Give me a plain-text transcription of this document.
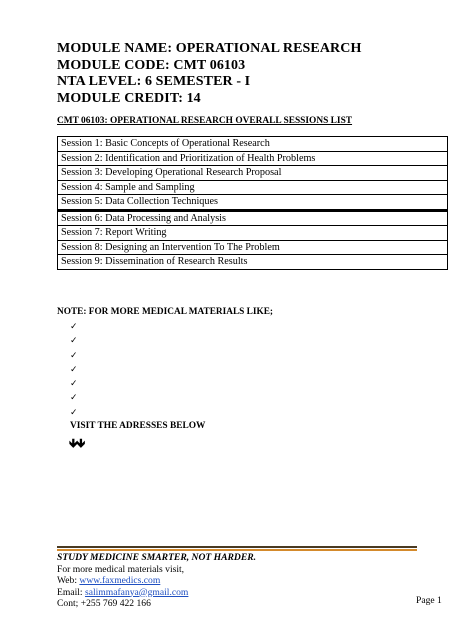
MODULE NAME: OPERATIONAL RESEARCH
MODULE CODE: CMT 06103
NTA LEVEL: 6 SEMESTER - I
MODULE CREDIT: 14
CMT 06103: OPERATIONAL RESEARCH OVERALL SESSIONS LIST
Session 1: Basic Concepts of Operational Research
Session 2: Identification and Prioritization of Health Problems
Session 3: Developing Operational Research Proposal
Session 4: Sample and Sampling
Session 5: Data Collection Techniques
Session 6: Data Processing and Analysis
Session 7: Report Writing
Session 8: Designing an Intervention To The Problem
Session 9: Dissemination of Research Results
NOTE: FOR MORE MEDICAL MATERIALS LIKE;
✓
✓
✓
✓
✓
✓
✓
VISIT THE ADRESSES BELOW
🡻🡻
STUDY MEDICINE SMARTER, NOT HARDER.
For more medical materials visit,
Web: www.faxmedics.com
Email: salimmafanya@gmail.com
Cont; +255 769 422 166	Page 1
